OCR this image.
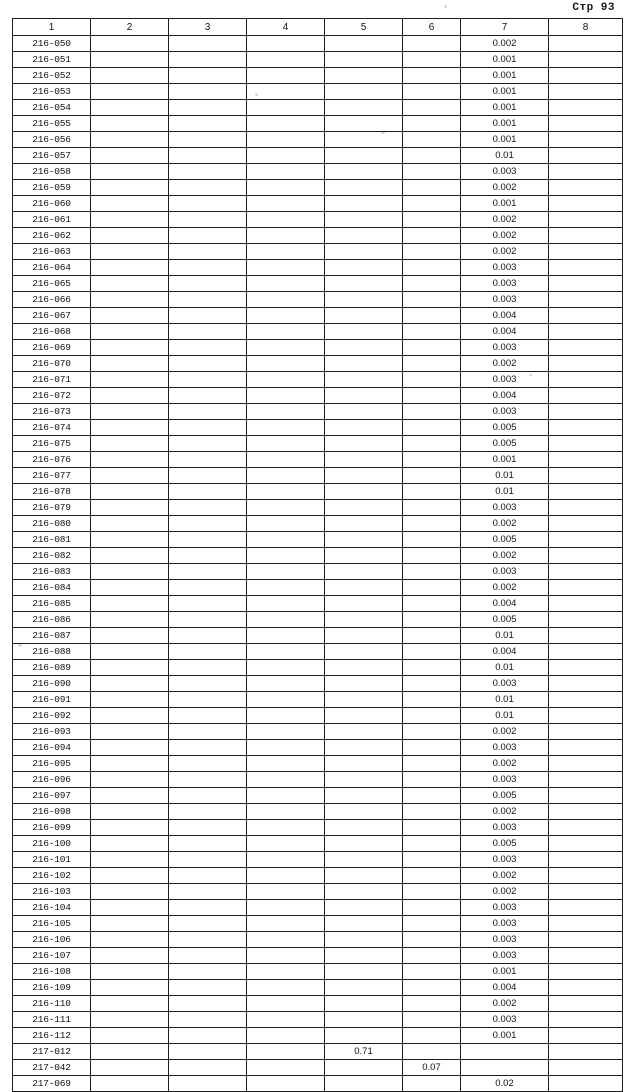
Стр 93
1	2	3	4	5	6	7	8
216-050						0.002	
216-051						0.001	
216-052						0.001	
216-053						0.001	
216-054						0.001	
216-055						0.001	
216-056						0.001	
216-057						0.01	
216-058						0.003	
216-059						0.002	
216-060						0.001	
216-061						0.002	
216-062						0.002	
216-063						0.002	
216-064						0.003	
216-065						0.003	
216-066						0.003	
216-067						0.004	
216-068						0.004	
216-069						0.003	
216-070						0.002	
216-071						0.003	
216-072						0.004	
216-073						0.003	
216-074						0.005	
216-075						0.005	
216-076						0.001	
216-077						0.01	
216-078						0.01	
216-079						0.003	
216-080						0.002	
216-081						0.005	
216-082						0.002	
216-083						0.003	
216-084						0.002	
216-085						0.004	
216-086						0.005	
216-087						0.01	
216-088						0.004	
216-089						0.01	
216-090						0.003	
216-091						0.01	
216-092						0.01	
216-093						0.002	
216-094						0.003	
216-095						0.002	
216-096						0.003	
216-097						0.005	
216-098						0.002	
216-099						0.003	
216-100						0.005	
216-101						0.003	
216-102						0.002	
216-103						0.002	
216-104						0.003	
216-105						0.003	
216-106						0.003	
216-107						0.003	
216-108						0.001	
216-109						0.004	
216-110						0.002	
216-111						0.003	
216-112						0.001	
217-012				0.71			
217-042					0.07		
217-069						0.02	
